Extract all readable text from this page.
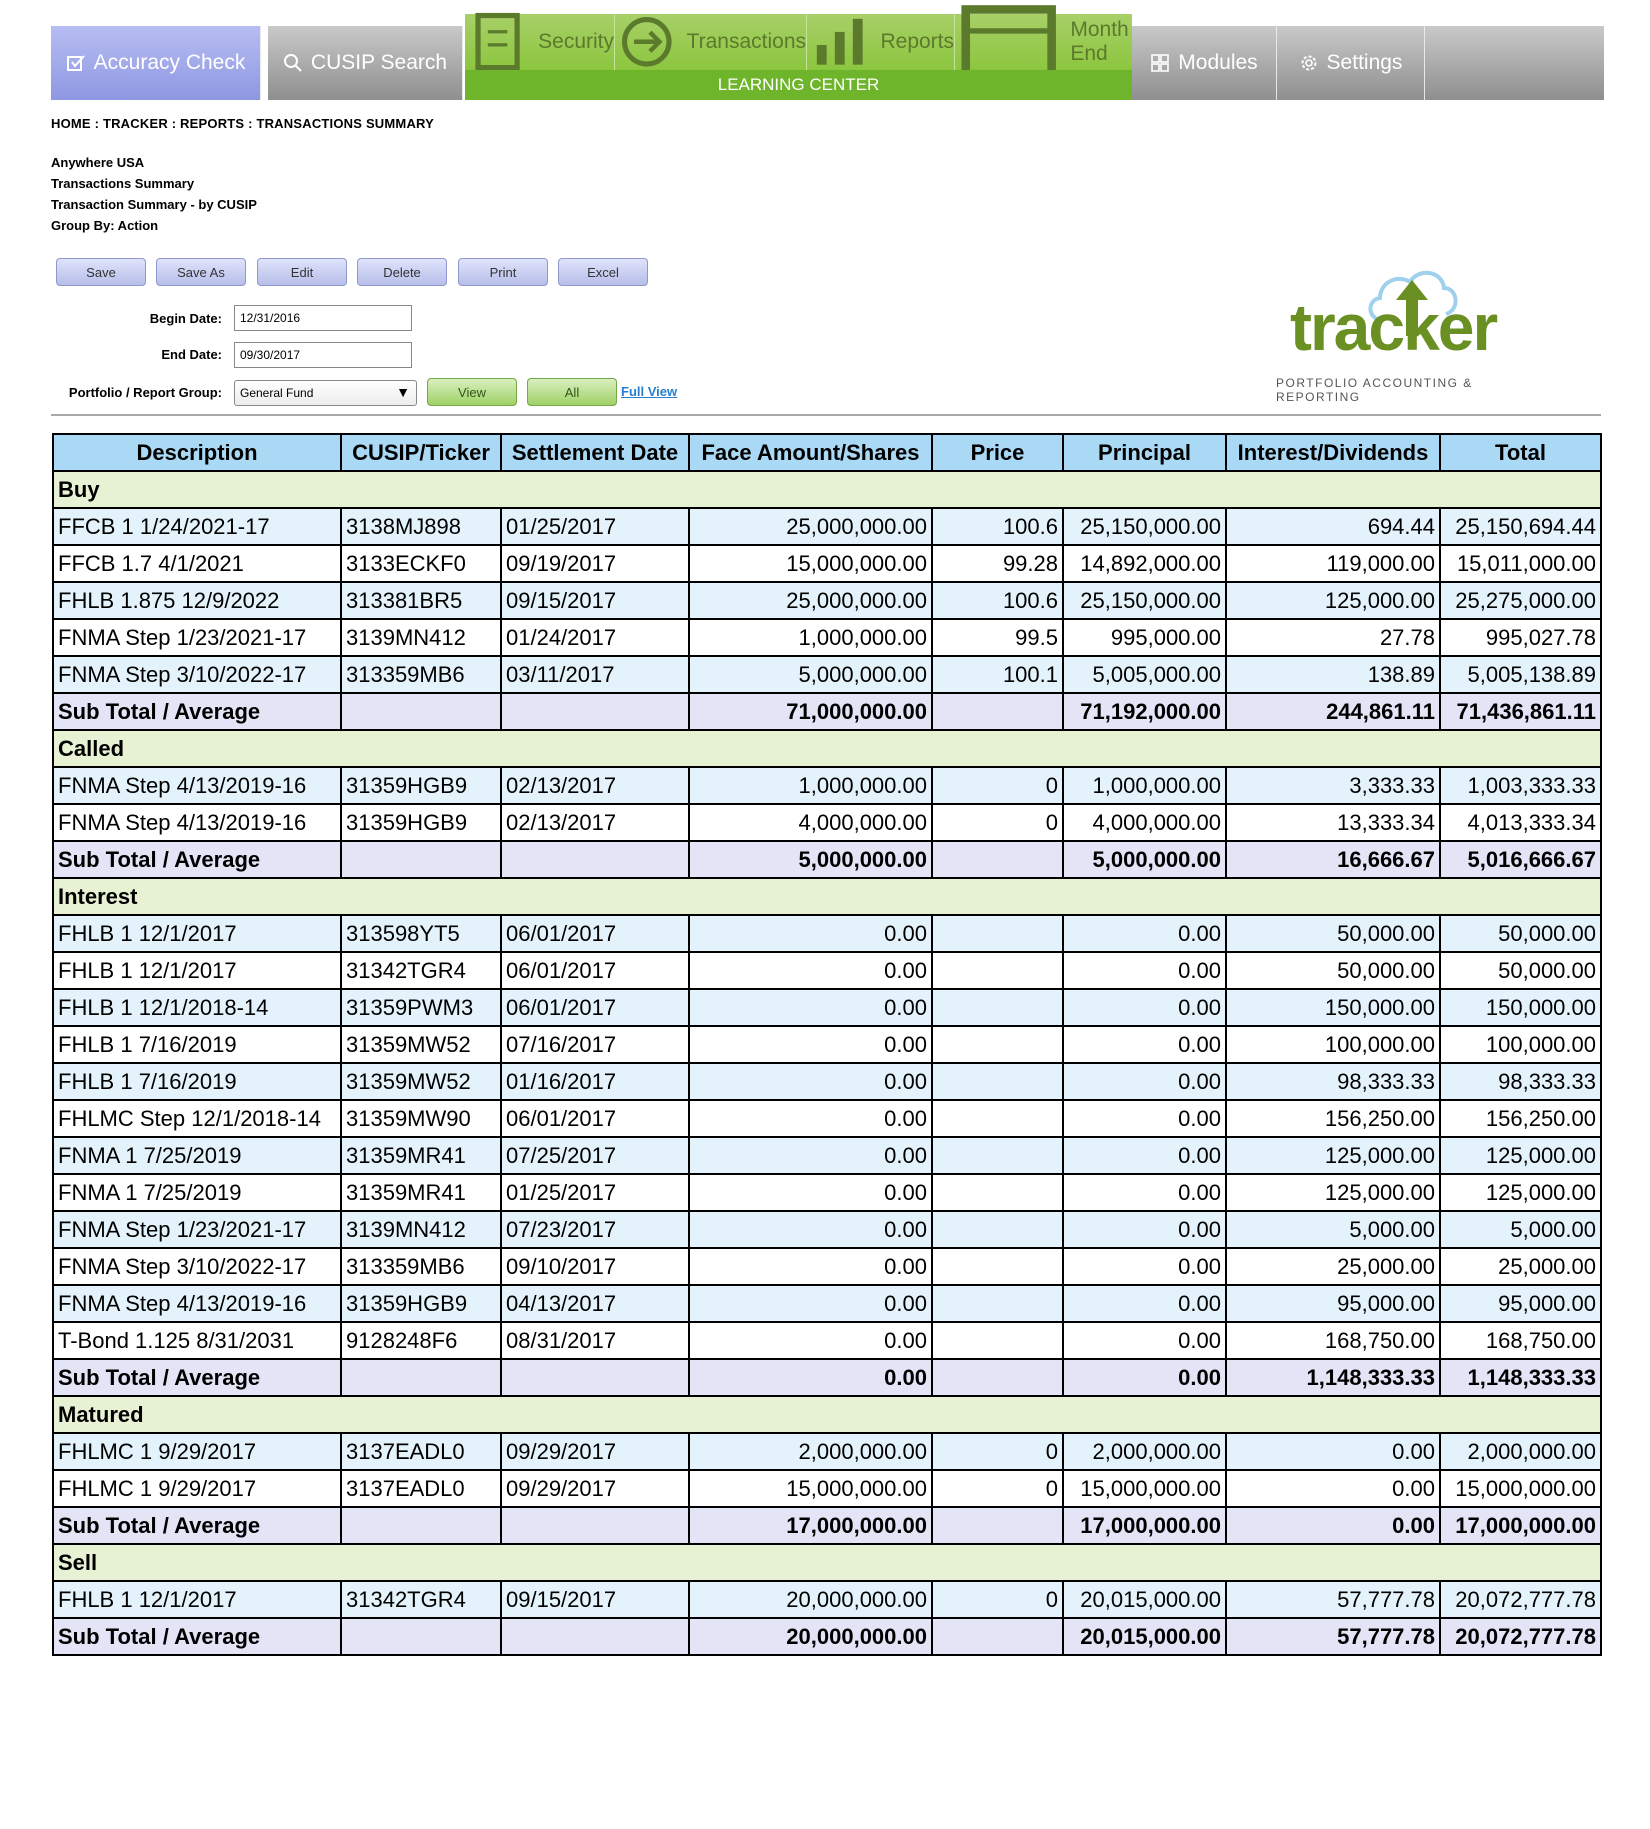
Accuracy Check	CUSIP Search
Security	Transactions	Reports
Month End
LEARNING CENTER
Modules	Settings
HOME : TRACKER : REPORTS : TRANSACTIONS SUMMARY
Anywhere USA
Transactions Summary
Transaction Summary - by CUSIP
Group By: Action
Save	Save As	Edit	Delete	Print	Excel
Begin Date:
12/31/2016
End Date:
09/30/2017
Portfolio / Report Group: General Fund	▼	View	All	Full View
tracker
PORTFOLIO ACCOUNTING & REPORTING
Description	CUSIP/Ticker	Settlement Date	Face Amount/Shares	Price	Principal	Interest/Dividends	Total
Buy							
FFCB 1 1/24/2021-17	3138MJ898	01/25/2017	25,000,000.00	100.6	25,150,000.00	694.44	25,150,694.44
FFCB 1.7 4/1/2021	3133ECKF0	09/19/2017	15,000,000.00	99.28	14,892,000.00	119,000.00	15,011,000.00
FHLB 1.875 12/9/2022	313381BR5	09/15/2017	25,000,000.00	100.6	25,150,000.00	125,000.00	25,275,000.00
FNMA Step 1/23/2021-17	3139MN412	01/24/2017	1,000,000.00	99.5	995,000.00	27.78	995,027.78
FNMA Step 3/10/2022-17	313359MB6	03/11/2017	5,000,000.00	100.1	5,005,000.00	138.89	5,005,138.89
Sub Total / Average			71,000,000.00		71,192,000.00	244,861.11	71,436,861.11
Called							
FNMA Step 4/13/2019-16	31359HGB9	02/13/2017	1,000,000.00	0	1,000,000.00	3,333.33	1,003,333.33
FNMA Step 4/13/2019-16	31359HGB9	02/13/2017	4,000,000.00	0	4,000,000.00	13,333.34	4,013,333.34
Sub Total / Average			5,000,000.00		5,000,000.00	16,666.67	5,016,666.67
Interest							
FHLB 1 12/1/2017	313598YT5	06/01/2017	0.00		0.00	50,000.00	50,000.00
FHLB 1 12/1/2017	31342TGR4	06/01/2017	0.00		0.00	50,000.00	50,000.00
FHLB 1 12/1/2018-14	31359PWM3	06/01/2017	0.00		0.00	150,000.00	150,000.00
FHLB 1 7/16/2019	31359MW52	07/16/2017	0.00		0.00	100,000.00	100,000.00
FHLB 1 7/16/2019	31359MW52	01/16/2017	0.00		0.00	98,333.33	98,333.33
FHLMC Step 12/1/2018-14	31359MW90	06/01/2017	0.00		0.00	156,250.00	156,250.00
FNMA 1 7/25/2019	31359MR41	07/25/2017	0.00		0.00	125,000.00	125,000.00
FNMA 1 7/25/2019	31359MR41	01/25/2017	0.00		0.00	125,000.00	125,000.00
FNMA Step 1/23/2021-17	3139MN412	07/23/2017	0.00		0.00	5,000.00	5,000.00
FNMA Step 3/10/2022-17	313359MB6	09/10/2017	0.00		0.00	25,000.00	25,000.00
FNMA Step 4/13/2019-16	31359HGB9	04/13/2017	0.00		0.00	95,000.00	95,000.00
T-Bond 1.125 8/31/2031	9128248F6	08/31/2017	0.00		0.00	168,750.00	168,750.00
Sub Total / Average			0.00		0.00	1,148,333.33	1,148,333.33
Matured							
FHLMC 1 9/29/2017	3137EADL0	09/29/2017	2,000,000.00	0	2,000,000.00	0.00	2,000,000.00
FHLMC 1 9/29/2017	3137EADL0	09/29/2017	15,000,000.00	0	15,000,000.00	0.00	15,000,000.00
Sub Total / Average			17,000,000.00		17,000,000.00	0.00	17,000,000.00
Sell							
FHLB 1 12/1/2017	31342TGR4	09/15/2017	20,000,000.00	0	20,015,000.00	57,777.78	20,072,777.78
Sub Total / Average			20,000,000.00		20,015,000.00	57,777.78	20,072,777.78
